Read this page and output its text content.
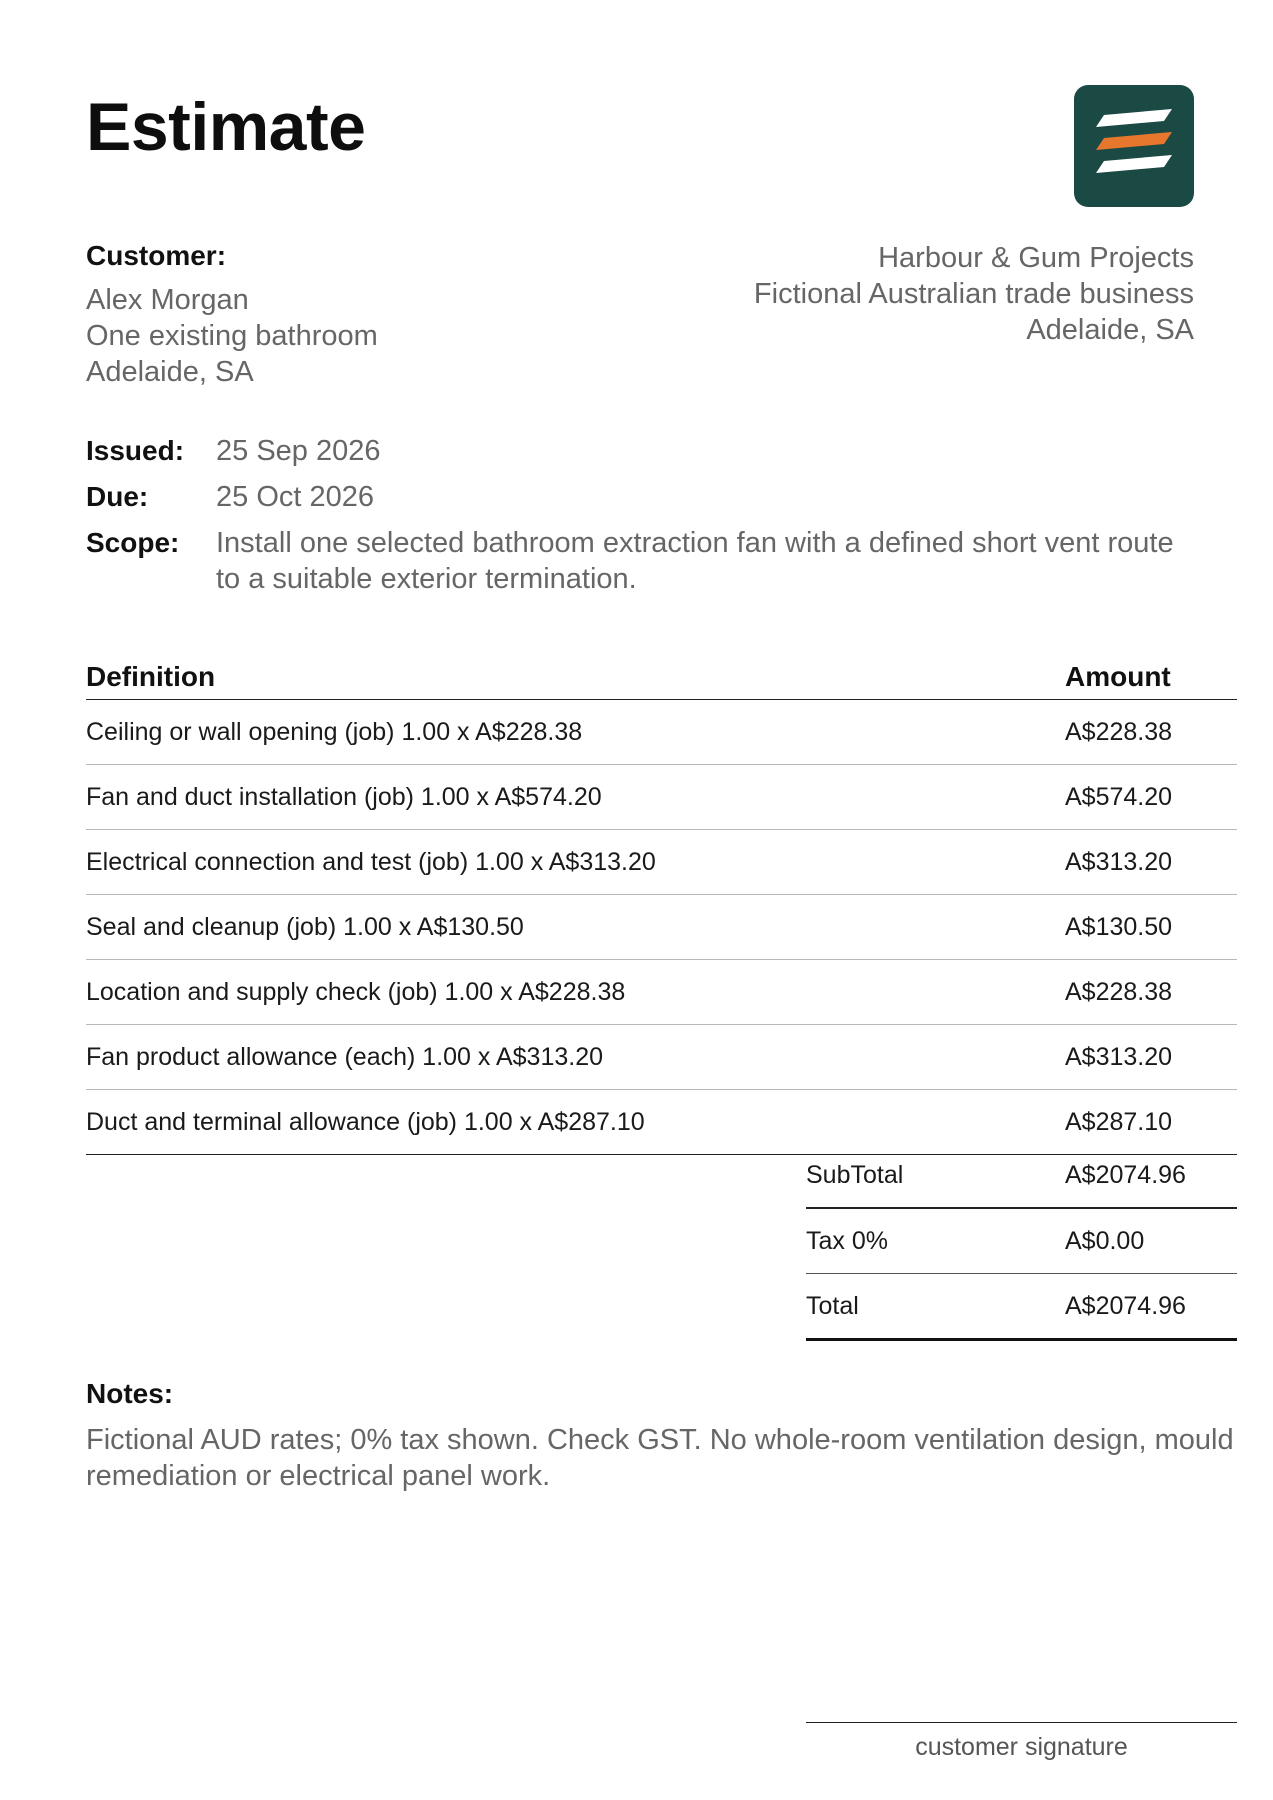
Estimate
Customer:
Alex Morgan
One existing bathroom
Adelaide, SA
Harbour & Gum Projects
Fictional Australian trade business
Adelaide, SA
Issued:	25 Sep 2026
Due:	25 Oct 2026
Scope:	Install one selected bathroom extraction fan with a defined short vent route to a suitable exterior termination.
Definition	Amount
Ceiling or wall opening (job) 1.00 x A$228.38	A$228.38
Fan and duct installation (job) 1.00 x A$574.20	A$574.20
Electrical connection and test (job) 1.00 x A$313.20	A$313.20
Seal and cleanup (job) 1.00 x A$130.50	A$130.50
Location and supply check (job) 1.00 x A$228.38	A$228.38
Fan product allowance (each) 1.00 x A$313.20	A$313.20
Duct and terminal allowance (job) 1.00 x A$287.10	A$287.10
SubTotal	A$2074.96
Tax 0%	A$0.00
Total	A$2074.96
Notes:
Fictional AUD rates; 0% tax shown. Check GST. No whole-room ventilation design, mould remediation or electrical panel work.
customer signature
